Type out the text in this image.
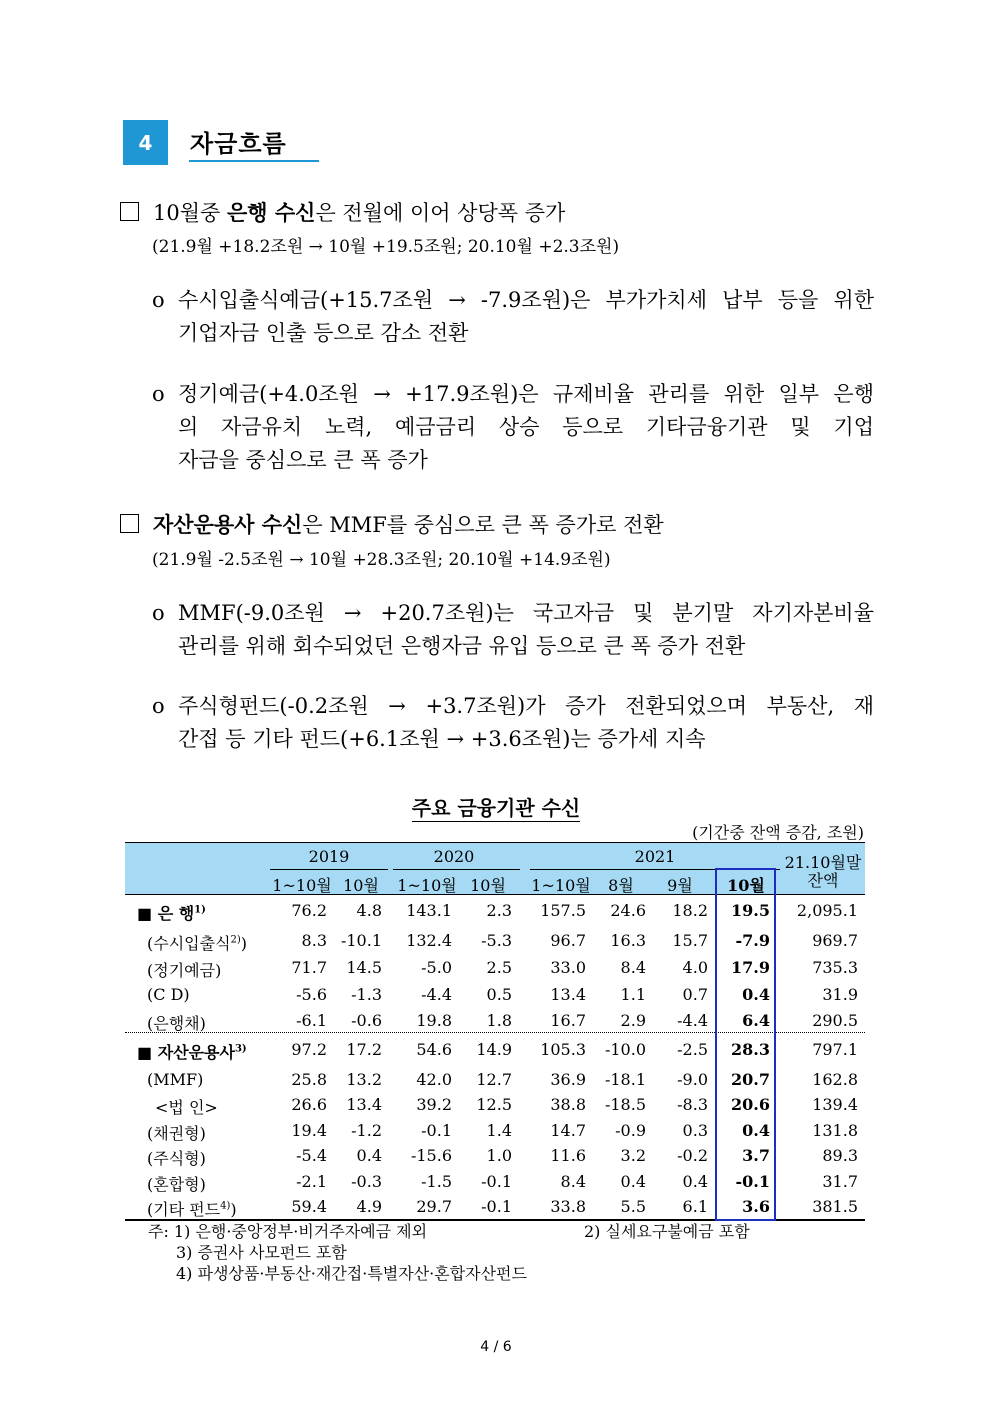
4	자금흐름
10월중 은행 수신은 전월에 이어 상당폭 증가
(21.9월 +18.2조원 → 10월 +19.5조원; 20.10월 +2.3조원)
o 수시입출식예금(+15.7조원 → -7.9조원)은 부가가치세 납부 등을 위한
기업자금 인출 등으로 감소 전환
o 정기예금(+4.0조원 → +17.9조원)은 규제비율 관리를 위한 일부 은행
의 자금유치 노력, 예금금리 상승 등으로 기타금융기관 및 기업
자금을 중심으로 큰 폭 증가
자산운용사 수신은 MMF를 중심으로 큰 폭 증가로 전환
(21.9월 -2.5조원 → 10월 +28.3조원; 20.10월 +14.9조원)
o MMF(-9.0조원 → +20.7조원)는 국고자금 및 분기말 자기자본비율
관리를 위해 회수되었던 은행자금 유입 등으로 큰 폭 증가 전환
o 주식형펀드(-0.2조원 → +3.7조원)가 증가 전환되었으며 부동산, 재
간접 등 기타 펀드(+6.1조원 → +3.6조원)는 증가세 지속
주요 금융기관 수신
(기간중 잔액 증감, 조원)
2019	2020	2021
1~10월 10월	1~10월 10월	1~10월	8월	9월	10월
21.10월말
잔액
■ 은 행$^{1)}$	76.2 4.8 143.1 2.3 157.5 24.6 18.2 19.5 2,095.1
(수시입출식$^{2)}$)	8.3 -10.1 132.4 -5.3 96.7 16.3 15.7 -7.9	969.7
(정기예금)	71.7 14.5 -5.0 2.5 33.0 8.4 4.0 17.9	735.3
(C D)	-5.6 -1.3 -4.4 0.5 13.4 1.1 0.7 0.4	31.9
(은행채)	-6.1 -0.6 19.8 1.8 16.7 2.9 -4.4 6.4	290.5
■ 자산운용사$^{3)}$	97.2 17.2 54.6 14.9 105.3 -10.0 -2.5 28.3	797.1
(MMF)	25.8 13.2 42.0 12.7 36.9 -18.1 -9.0 20.7	162.8
<법 인>	26.6 13.4 39.2 12.5 38.8 -18.5 -8.3 20.6	139.4
(채권형)	19.4 -1.2 -0.1 1.4 14.7 -0.9 0.3 0.4	131.8
(주식형)	-5.4 0.4 -15.6 1.0 11.6 3.2 -0.2 3.7	89.3
(혼합형)	-2.1 -0.3 -1.5 -0.1	8.4 0.4 0.4 -0.1	31.7
(기타 펀드$^{4)}$)	59.4 4.9 29.7 -0.1 33.8 5.5 6.1 3.6	381.5
주: 1) 은행·중앙정부·비거주자예금 제외	2) 실세요구불예금 포함
3) 증권사 사모펀드 포함
4) 파생상품·부동산·재간접·특별자산·혼합자산펀드
4 / 6
